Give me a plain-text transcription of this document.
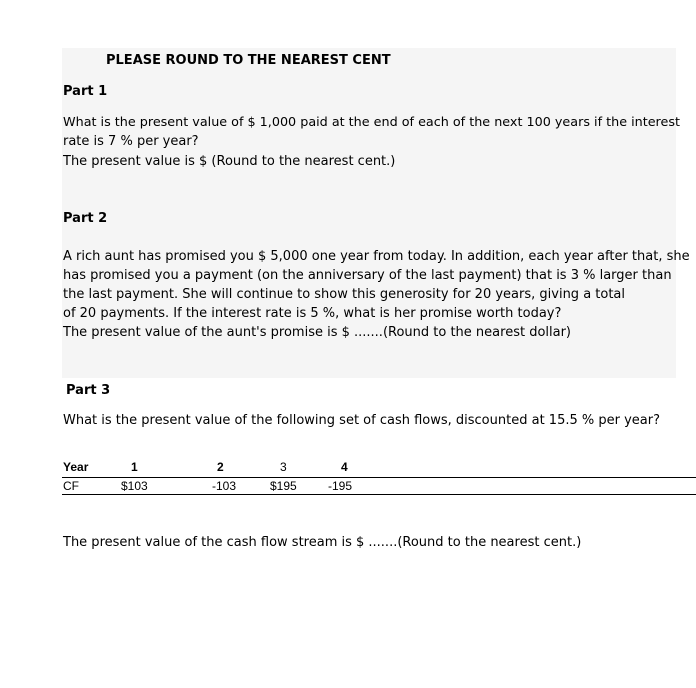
PLEASE ROUND TO THE NEAREST CENT
Part 1
What is the present value of $ 1,000 paid at the end of each of the next 100 years if the interest
rate is 7 % per year?
The present value is $ (Round to the nearest cent.)
Part 2
A rich aunt has promised you $ 5,000 one year from today. In addition, each year after that, she
has promised you a payment (on the anniversary of the last payment) that is 3 % larger than
the last payment. She will continue to show this generosity for 20 years, giving a total
of 20 payments. If the interest rate is 5 %, what is her promise worth today?
The present value of the aunt's promise is $ .......(Round to the nearest dollar)
Part 3
What is the present value of the following set of cash flows, discounted at 15.5 % per year?
Year	1	2	3	4
CF	$103	-103	$195	-195
The present value of the cash flow stream is $ .......(Round to the nearest cent.)
